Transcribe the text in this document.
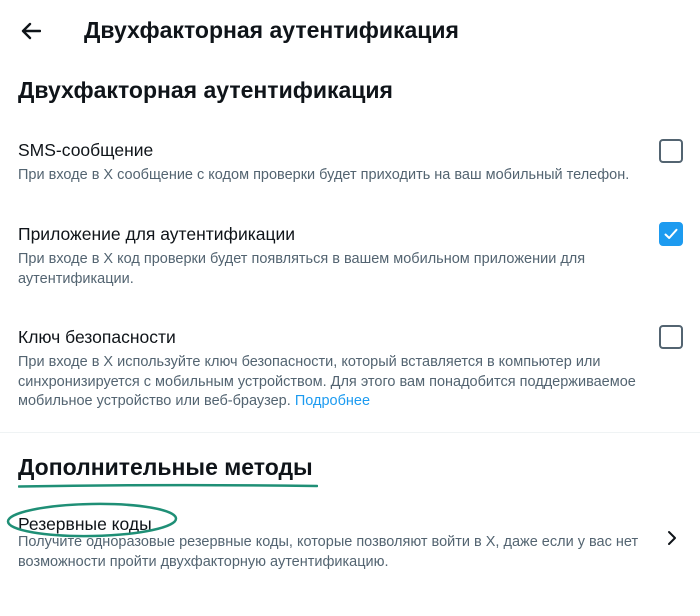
Двухфакторная аутентификация
Двухфакторная аутентификация
SMS-сообщение
При входе в X сообщение с кодом проверки будет приходить на ваш мобильный телефон.
Приложение для аутентификации
При входе в X код проверки будет появляться в вашем мобильном приложении для аутентификации.
Ключ безопасности
При входе в X используйте ключ безопасности, который вставляется в компьютер или синхронизируется с мобильным устройством. Для этого вам понадобится поддерживаемое мобильное устройство или веб-браузер. Подробнее
Дополнительные методы
Резервные коды
Получите одноразовые резервные коды, которые позволяют войти в X, даже если у вас нет возможности пройти двухфакторную аутентификацию.
